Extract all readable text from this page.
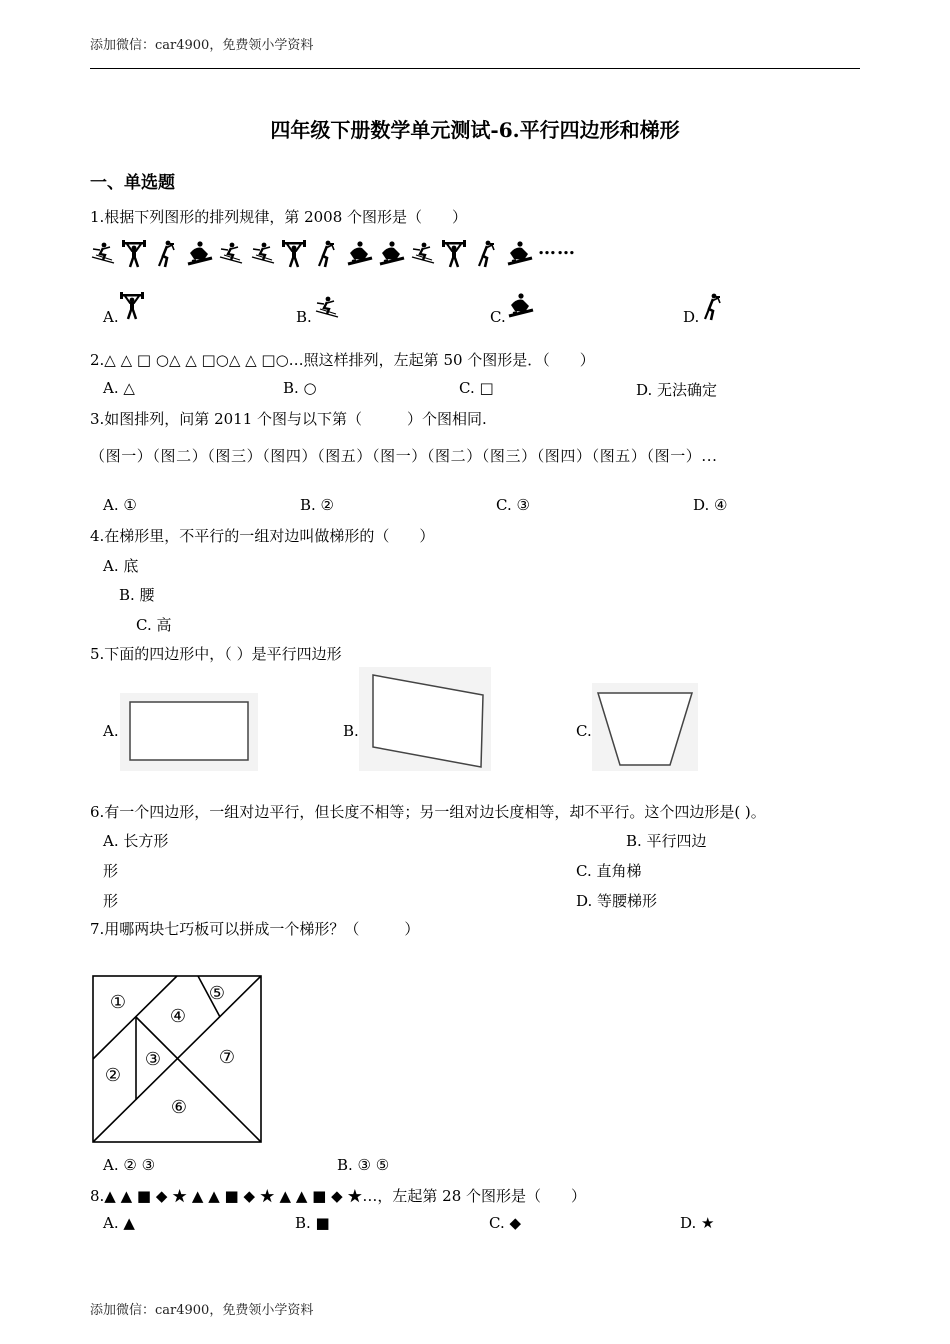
添加微信：car4900，免费领小学资料
四年级下册数学单元测试-6.平行四边形和梯形
一、单选题
1.根据下列图形的排列规律，第 2008 个图形是（　　）
……
A.	B.	C.	D.
2.△ △ □ ○△ △ □○△ △ □○…照这样排列，左起第 50 个图形是．（　　）
A. △	B. ○	C. □	D. 无法确定
3.如图排列，问第 2011 个图与以下第（　　　）个图相同.
（图一）（图二）（图三）（图四）（图五）（图一）（图二）（图三）（图四）（图五）（图一）...
A. ①	B. ②	C. ③	D. ④
4.在梯形里，不平行的一组对边叫做梯形的（　　）
A. 底
B. 腰
C. 高
5.下面的四边形中，（ ）是平行四边形
A.	B.	C.
6.有一个四边形，一组对边平行，但长度不相等；另一组对边长度相等，却不平行。这个四边形是( )。
A. 长方形	B. 平行四边
形	C. 直角梯
形	D. 等腰梯形
7.用哪两块七巧板可以拼成一个梯形？（　　　）
①
②
③
④
⑤
⑥
⑦
A. ② ③	B. ③ ⑤
8.▲ ▲ ■ ◆ ★ ▲ ▲ ■ ◆ ★ ▲ ▲ ■ ◆ ★…，左起第 28 个图形是（　　）
A. ▲	B. ■	C. ◆	D. ★
添加微信：car4900，免费领小学资料
